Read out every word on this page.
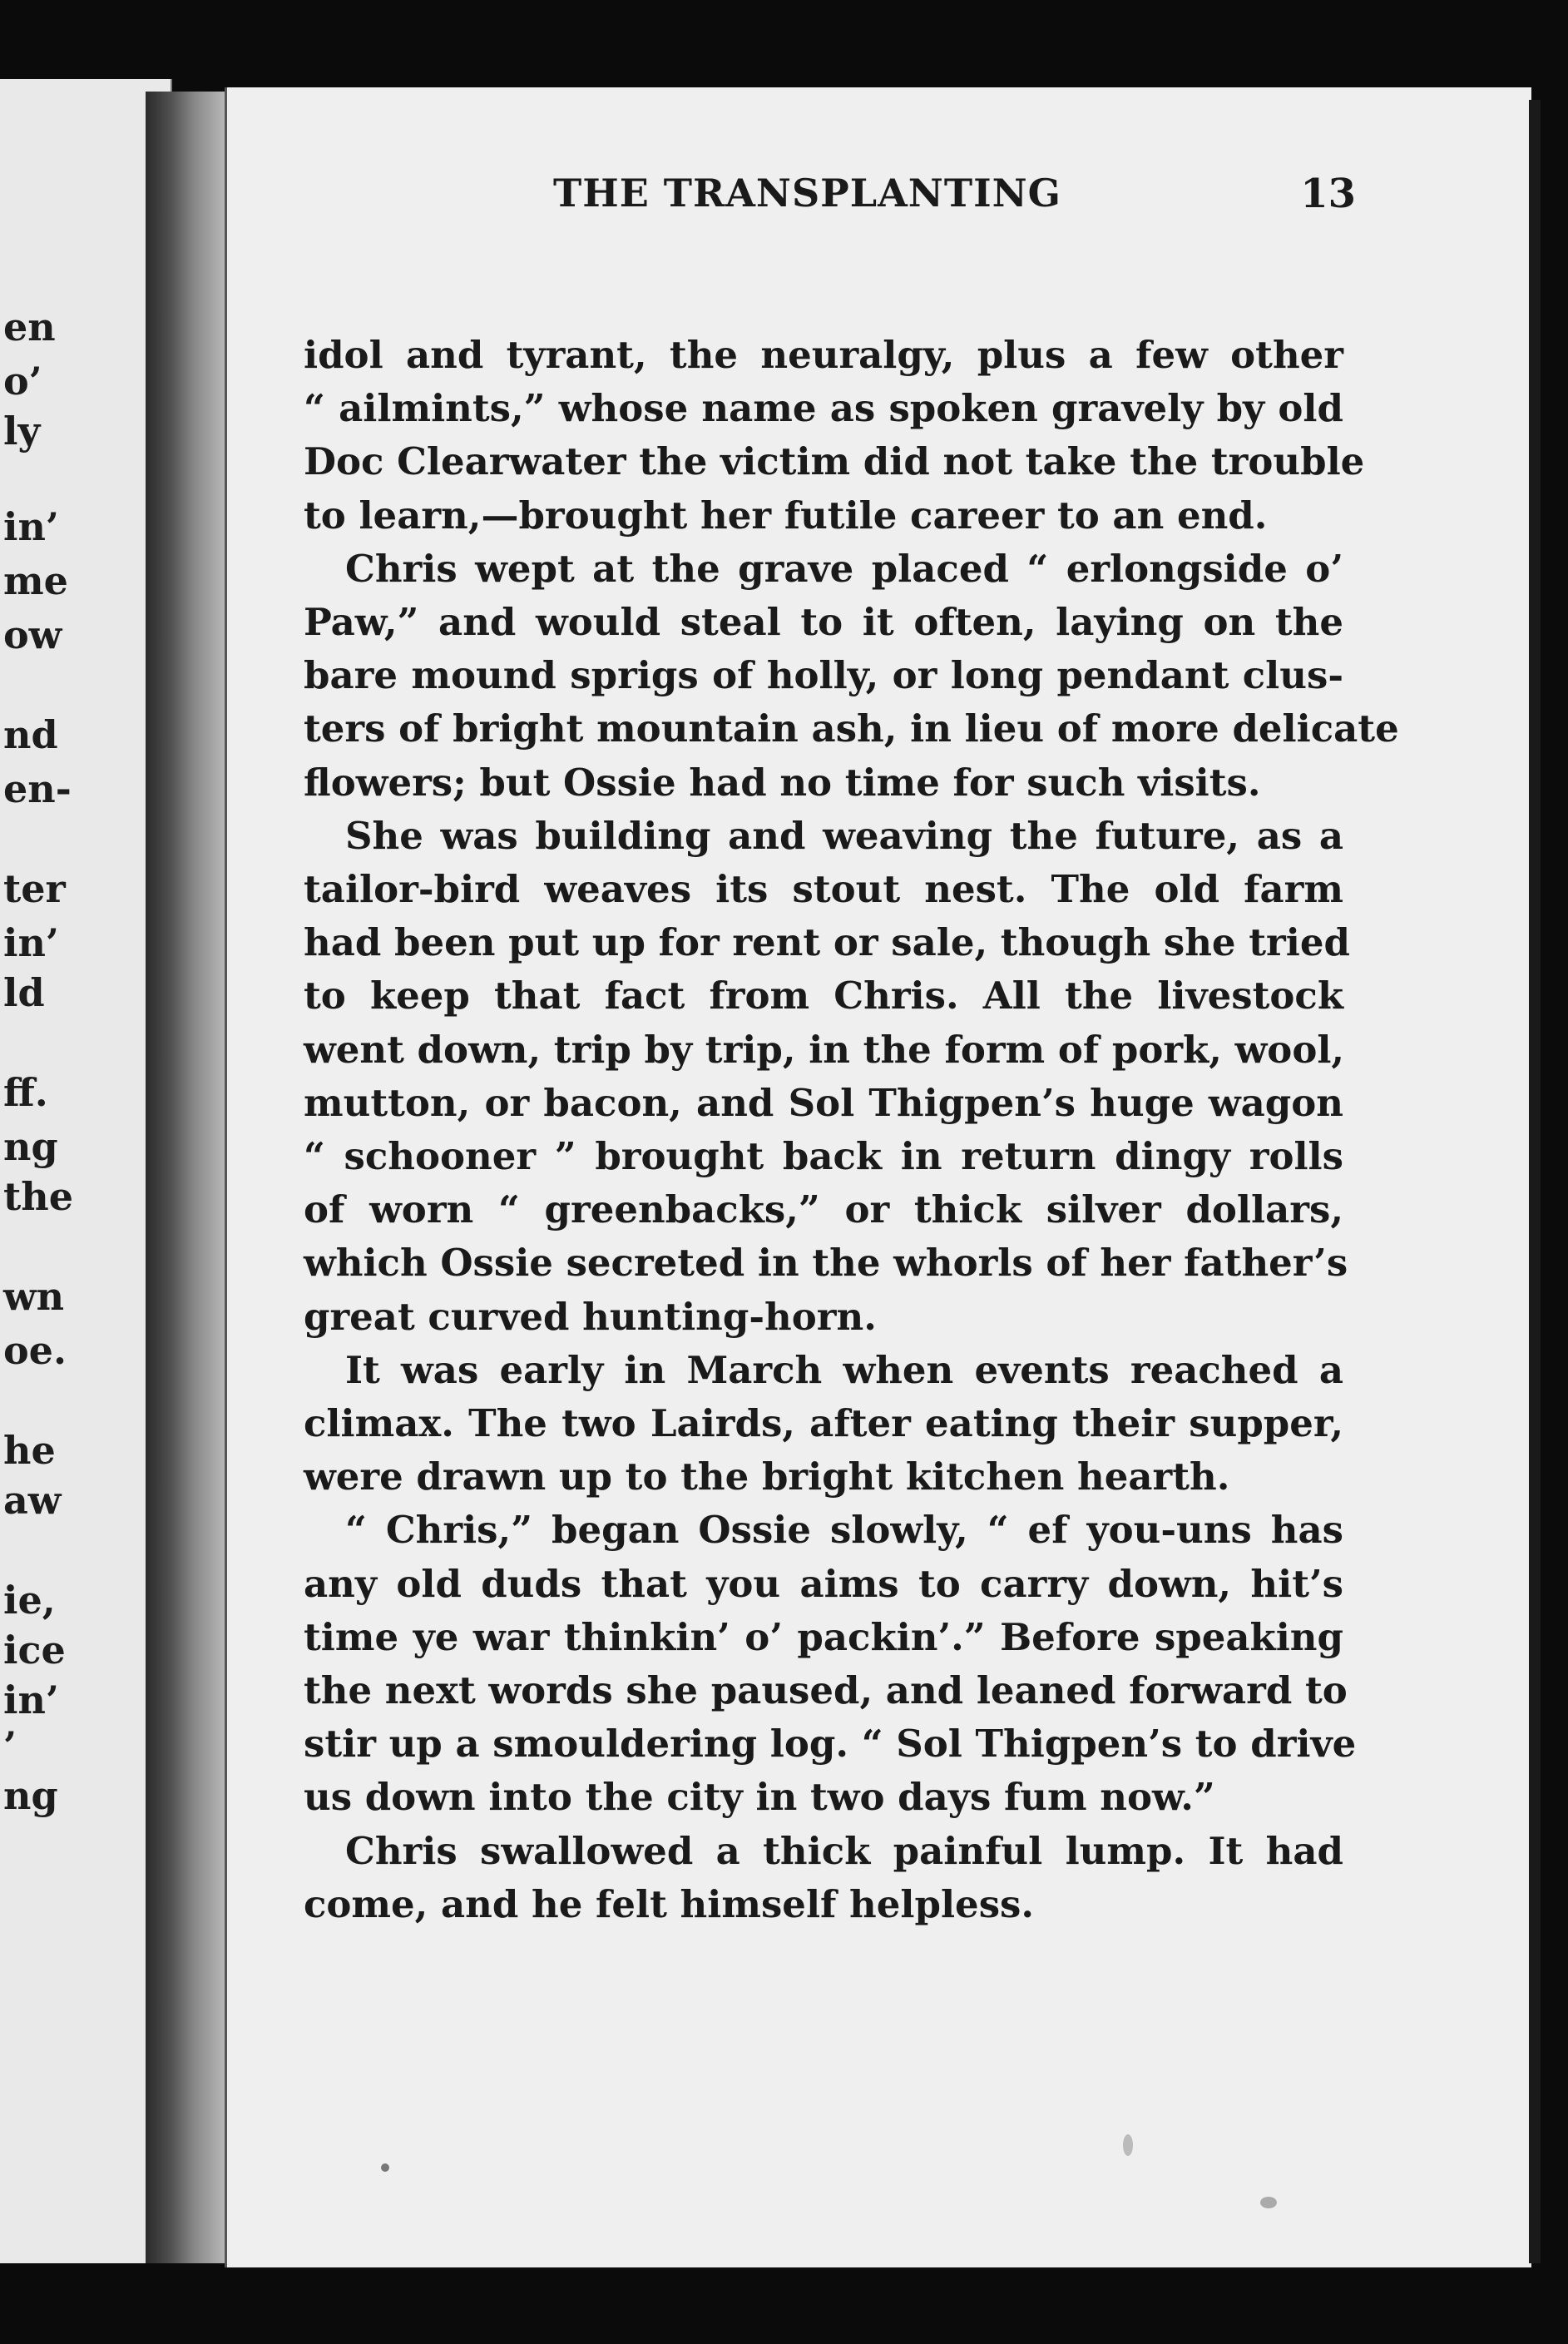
en
o’
ly
in’
me
ow
nd
en-
ter
in’
ld
ff.
ng
the
wn
oe.
he
aw
ie,
ice
in’
’
ng
THE TRANSPLANTING	13
idol and tyrant, the neuralgy, plus a few other
“ ailmints,” whose name as spoken gravely by old
Doc Clearwater the victim did not take the trouble
to learn,—brought her futile career to an end.
Chris wept at the grave placed “ erlongside o’
Paw,” and would steal to it often, laying on the
bare mound sprigs of holly, or long pendant clus-
ters of bright mountain ash, in lieu of more delicate
flowers; but Ossie had no time for such visits.
She was building and weaving the future, as a
tailor-bird weaves its stout nest. The old farm
had been put up for rent or sale, though she tried
to keep that fact from Chris. All the livestock
went down, trip by trip, in the form of pork, wool,
mutton, or bacon, and Sol Thigpen’s huge wagon
“ schooner ” brought back in return dingy rolls
of worn “ greenbacks,” or thick silver dollars,
which Ossie secreted in the whorls of her father’s
great curved hunting-horn.
It was early in March when events reached a
climax. The two Lairds, after eating their supper,
were drawn up to the bright kitchen hearth.
“ Chris,” began Ossie slowly, “ ef you-uns has
any old duds that you aims to carry down, hit’s
time ye war thinkin’ o’ packin’.” Before speaking
the next words she paused, and leaned forward to
stir up a smouldering log. “ Sol Thigpen’s to drive
us down into the city in two days fum now.”
Chris swallowed a thick painful lump. It had
come, and he felt himself helpless.
